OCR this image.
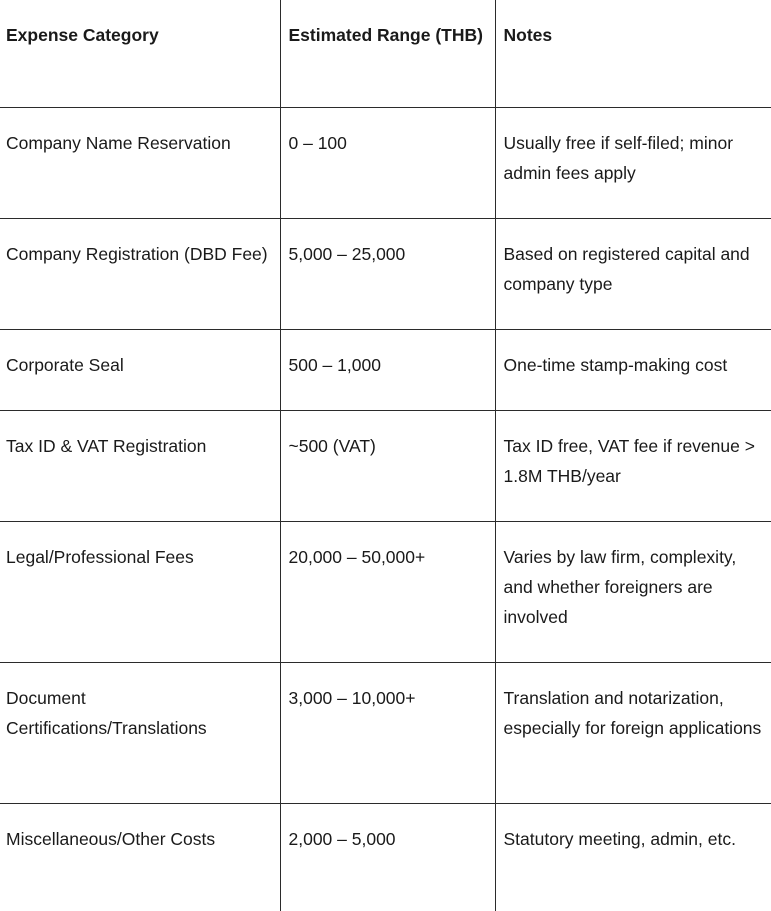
Expense Category	Estimated Range (THB)	Notes
Company Name Reservation	0 – 100	Usually free if self-filed; minor admin fees apply
Company Registration (DBD Fee)	5,000 – 25,000	Based on registered capital and company type
Corporate Seal	500 – 1,000	One-time stamp-making cost
Tax ID & VAT Registration	~500 (VAT)	Tax ID free, VAT fee if revenue > 1.8M THB/year
Legal/Professional Fees	20,000 – 50,000+	Varies by law firm, complexity, and whether foreigners are involved
Document Certifications/Translations	3,000 – 10,000+	Translation and notarization, especially for foreign applications
Miscellaneous/Other Costs	2,000 – 5,000	Statutory meeting, admin, etc.
